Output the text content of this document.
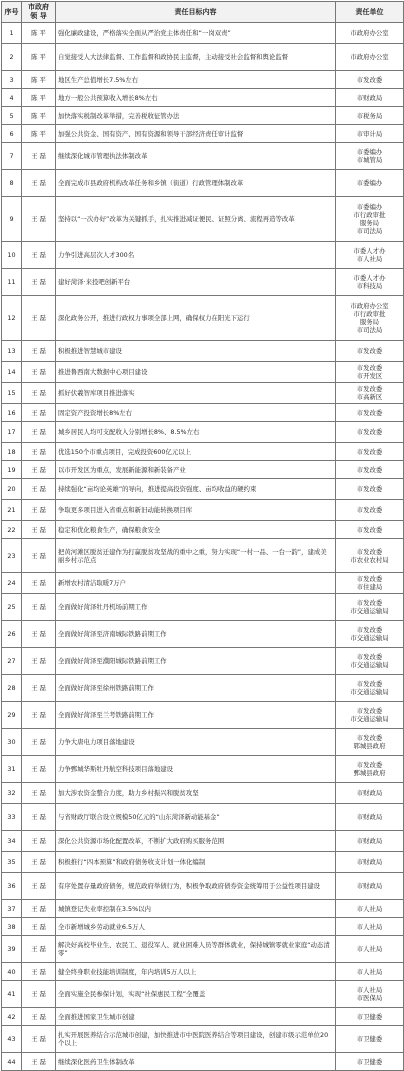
序号	市政府
领 导	责任目标内容	责任单位
1	陈 平	强化廉政建设，严格落实全面从严治党主体责任和“一岗双责”	市政府办公室
2	陈 平	自觉接受人大法律监督、工作监督和政协民主监督，主动接受社会监督和舆论监督	市政府办公室
3	陈 平	地区生产总值增长7.5%左右	市发改委
4	陈 平	地方一般公共预算收入增长8%左右	市财政局
5	陈 平	加快落实税制改革举措，完善税收征管办法	市税务局
6	陈 平	加强公共资金、国有资产、国有资源和领导干部经济责任审计监督	市审计局
7	王 磊	继续深化城市管理执法体制改革	市委编办
市城管局
8	王 磊	全面完成市县政府机构改革任务和乡镇（街道）行政管理体制改革	市委编办
9	王 磊	坚持以“一次办好”改革为关键抓手，扎实推进减证便民、证照分离、流程再造等改革	市委编办
市行政审批
服务局
市司法局
10	王 磊	力争引进高层次人才300名	市委人才办
市人社局
11	王 磊	建好菏泽·来投吧创新平台	市委人才办
市科技局
12	王 磊	深化政务公开，推进行政权力事项全部上网，确保权力在阳光下运行	市政府办公室
市行政审批
服务局
市司法局
13	王 磊	积极推进智慧城市建设	市发改委
14	王 磊	推进鲁西南大数据中心项目建设	市发改委
市开发区
15	王 磊	抓好伏羲智库项目推进落实	市发改委
市高新区
16	王 磊	固定资产投资增长8%左右	市发改委
17	王 磊	城乡居民人均可支配收入分别增长8%、8.5%左右	市发改委
18	王 磊	优选150个市重点项目，完成投资600亿元以上	市发改委
19	王 磊	以市开发区为重点，发展新能源和新装备产业	市发改委
20	王 磊	持续强化“亩均论英雄”的导向，推进提高投资强度、亩均收益的硬约束	市发改委
21	王 磊	争取更多项目进入省重点和新旧动能转换项目库	市发改委
22	王 磊	稳定和优化粮食生产，确保粮食安全	市发改委
23	王 磊	把黄河滩区脱贫迁建作为打赢脱贫攻坚战的重中之重，努力实现“一村一品、一台一韵”，建成美丽乡村示范点	市发改委
市农业农村局
24	王 磊	新增农村清洁取暖7万户	市发改委
市住建局
25	王 磊	全面做好菏泽牡丹机场前期工作	市发改委
市交通运输局
26	王 磊	全面做好菏泽至济南城际铁路前期工作	市发改委
市交通运输局
27	王 磊	全面做好菏泽至濮阳城际铁路前期工作	市发改委
市交通运输局
28	王 磊	全面做好菏泽至徐州铁路前期工作	市发改委
市交通运输局
29	王 磊	全面做好菏泽至兰考铁路前期工作	市发改委
市交通运输局
30	王 磊	力争大唐电力项目落地建设	市发改委
郓城县政府
31	王 磊	力争鄄城华斯牡丹航空科技项目落地建设	市发改委
鄄城县政府
32	王 磊	加大涉农资金整合力度，助力乡村振兴和脱贫攻坚	市财政局
33	王 磊	与省财政厅联合设立规模50亿元的“山东菏泽新动能基金”	市财政局
34	王 磊	深化公共资源市场化配置改革，不断扩大政府购买服务范围	市财政局
35	王 磊	积极推行“四本预算”和政府债务收支计划一体化编制	市财政局
36	王 磊	有序处置存量政府债务，规范政府举债行为，积极争取政府债券资金统筹用于公益性项目建设	市财政局
37	王 磊	城镇登记失业率控制在3.5%以内	市人社局
38	王 磊	全市新增城乡劳动就业6.5万人	市人社局
39	王 磊	解决好高校毕业生、农民工、退役军人、就业困难人员等群体就业，保持城镇零就业家庭“动态清零”	市人社局
40	王 磊	健全终身职业技能培训制度，年内培训5万人以上	市人社局
41	王 磊	全面实施全民参保计划，实现“社保惠民工程”全覆盖	市人社局
市医保局
42	王 磊	全面推进国家卫生城市创建	市卫健委
43	王 磊	扎实开展医养结合示范城市创建，加快推进市中医院医养结合等项目建设，创建市级示范单位20个以上	市卫健委
44	王 磊	继续深化医药卫生体制改革	市卫健委
